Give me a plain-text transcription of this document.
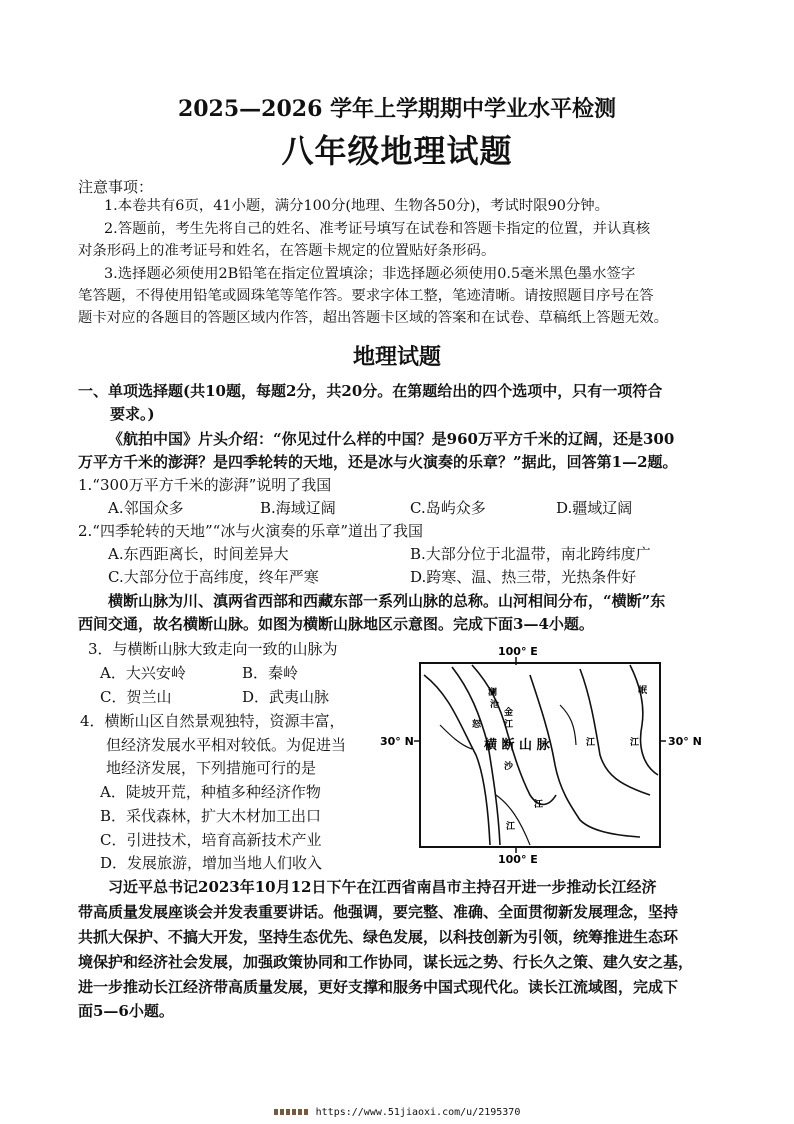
2025—2026 学年上学期期中学业水平检测
八年级地理试题
注意事项：
1.本卷共有6页，41小题，满分100分(地理、生物各50分)，考试时限90分钟。
2.答题前，考生先将自己的姓名、准考证号填写在试卷和答题卡指定的位置，并认真核
对条形码上的准考证号和姓名，在答题卡规定的位置贴好条形码。
3.选择题必须使用2B铅笔在指定位置填涂；非选择题必须使用0.5毫米黑色墨水签字
笔答题，不得使用铅笔或圆珠笔等笔作答。要求字体工整，笔迹清晰。请按照题目序号在答
题卡对应的各题目的答题区域内作答，超出答题卡区域的答案和在试卷、草稿纸上答题无效。
地理试题
一、单项选择题(共10题，每题2分，共20分。在第题给出的四个选项中，只有一项符合
要求。)
《航拍中国》片头介绍：“你见过什么样的中国？是960万平方千米的辽阔，还是300
万平方千米的澎湃？是四季轮转的天地，还是冰与火演奏的乐章？”据此，回答第1—2题。
1.“300万平方千米的澎湃”说明了我国
A.邻国众多	B.海域辽阔	C.岛屿众多	D.疆域辽阔
2.“四季轮转的天地”“冰与火演奏的乐章”道出了我国
A.东西距离长，时间差异大	B.大部分位于北温带，南北跨纬度广
C.大部分位于高纬度，终年严寒	D.跨寒、温、热三带，光热条件好
横断山脉为川、滇两省西部和西藏东部一系列山脉的总称。山河相间分布，“横断”东
西间交通，故名横断山脉。如图为横断山脉地区示意图。完成下面3—4小题。
3．与横断山脉大致走向一致的山脉为
A．大兴安岭	B．秦岭
C．贺兰山	D．武夷山脉
4．横断山区自然景观独特，资源丰富，
但经济发展水平相对较低。为促进当
地经济发展，下列措施可行的是
A．陡坡开荒，种植多种经济作物
B．采伐森林，扩大木材加工出口
C．引进技术，培育高新技术产业
D．发展旅游，增加当地人们收入
100° E
30° N	30° N
澜
金
怒
沧
沙
江
江
江
岷
江
江
横 断 山 脉
100° E
习近平总书记2023年10月12日下午在江西省南昌市主持召开进一步推动长江经济
带高质量发展座谈会并发表重要讲话。他强调，要完整、准确、全面贯彻新发展理念，坚持
共抓大保护、不搞大开发，坚持生态优先、绿色发展，以科技创新为引领，统筹推进生态环
境保护和经济社会发展，加强政策协同和工作协同，谋长远之势、行长久之策、建久安之基，
进一步推动长江经济带高质量发展，更好支撑和服务中国式现代化。读长江流域图，完成下
面5—6小题。
https://www.51jiaoxi.com/u/2195370
